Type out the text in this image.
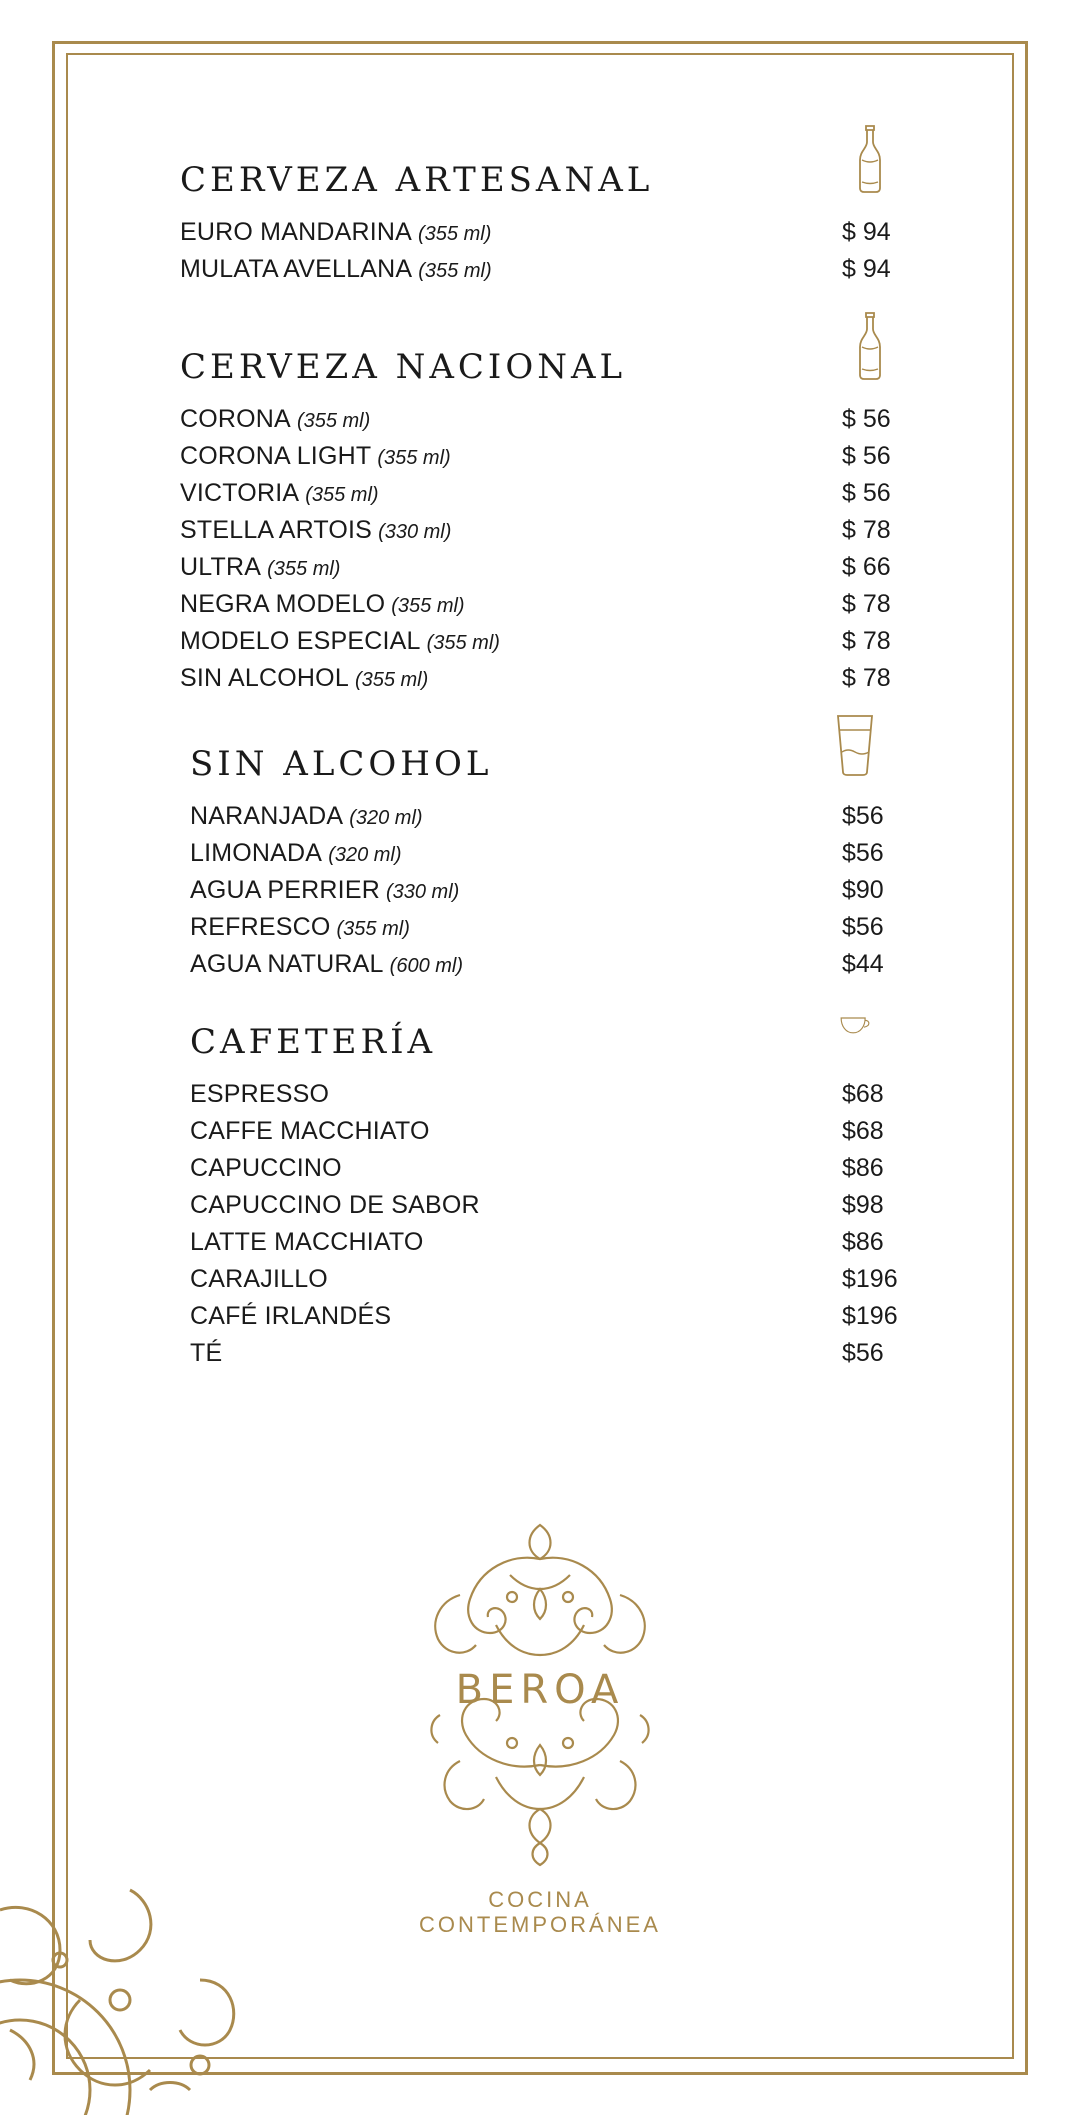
CERVEZA ARTESANAL
EURO MANDARINA (355 ml)	$ 94
MULATA AVELLANA (355 ml)	$ 94
CERVEZA NACIONAL
CORONA (355 ml)	$ 56
CORONA LIGHT (355 ml)	$ 56
VICTORIA (355 ml)	$ 56
STELLA ARTOIS (330 ml)	$ 78
ULTRA (355 ml)	$ 66
NEGRA MODELO (355 ml)	$ 78
MODELO ESPECIAL (355 ml)	$ 78
SIN ALCOHOL (355 ml)	$ 78
SIN ALCOHOL
NARANJADA (320 ml)	$56
LIMONADA (320 ml)	$56
AGUA PERRIER (330 ml)	$90
REFRESCO (355 ml)	$56
AGUA NATURAL (600 ml)	$44
CAFETERÍA
ESPRESSO	$68
CAFFE MACCHIATO	$68
CAPUCCINO	$86
CAPUCCINO DE SABOR	$98
LATTE MACCHIATO	$86
CARAJILLO	$196
CAFÉ IRLANDÉS	$196
TÉ	$56
BEROA
COCINA
CONTEMPORÁNEA
